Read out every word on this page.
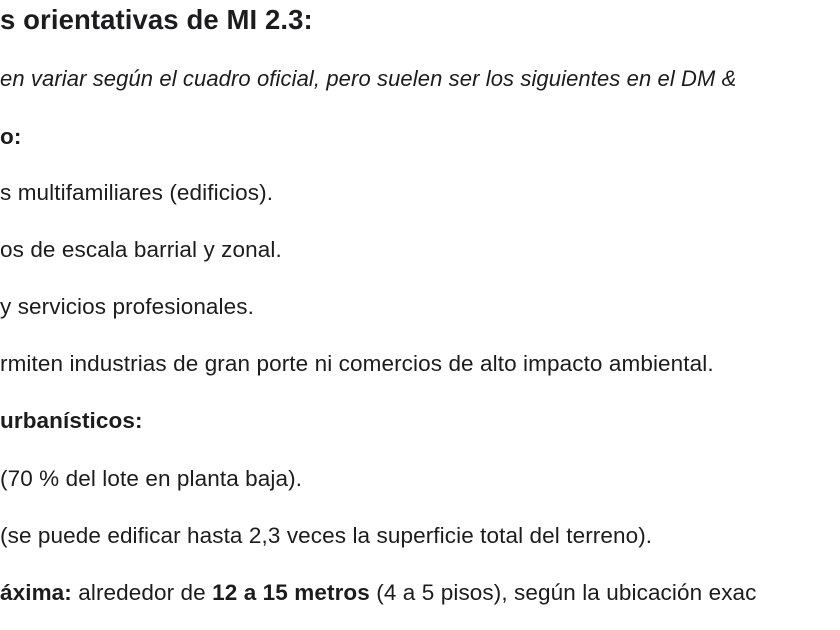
s orientativas de MI 2.3:
en variar según el cuadro oficial, pero suelen ser los siguientes en el DM &
o:
s multifamiliares (edificios).
os de escala barrial y zonal.
y servicios profesionales.
rmiten industrias de gran porte ni comercios de alto impacto ambiental.
urbanísticos:
(70 % del lote en planta baja).
(se puede edificar hasta 2,3 veces la superficie total del terreno).
áxima: alrededor de 12 a 15 metros (4 a 5 pisos), según la ubicación exac
